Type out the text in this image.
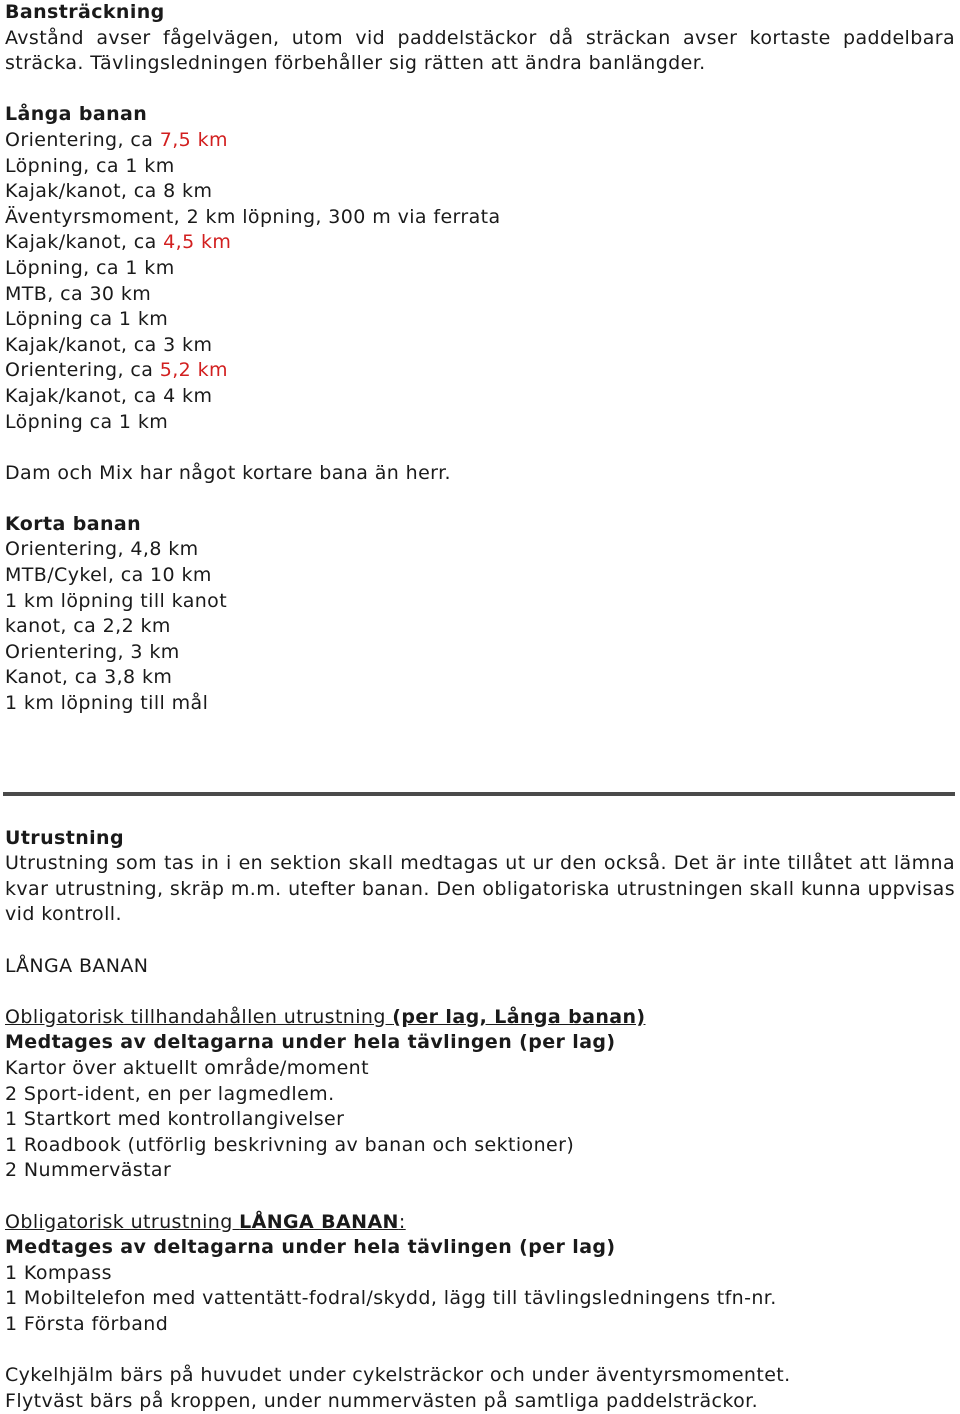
Bansträckning
Avstånd avser fågelvägen, utom vid paddelstäckor då sträckan avser kortaste paddelbara sträcka. Tävlingsledningen förbehåller sig rätten att ändra banlängder.
Långa banan
Orientering, ca 7,5 km
Löpning, ca 1 km
Kajak/kanot, ca 8 km
Äventyrsmoment, 2 km löpning, 300 m via ferrata
Kajak/kanot, ca 4,5 km
Löpning, ca 1 km
MTB, ca 30 km
Löpning ca 1 km
Kajak/kanot, ca 3 km
Orientering, ca 5,2 km
Kajak/kanot, ca 4 km
Löpning ca 1 km
Dam och Mix har något kortare bana än herr.
Korta banan
Orientering, 4,8 km
MTB/Cykel, ca 10 km
1 km löpning till kanot
kanot, ca 2,2 km
Orientering, 3 km
Kanot, ca 3,8 km
1 km löpning till mål
Utrustning
Utrustning som tas in i en sektion skall medtagas ut ur den också. Det är inte tillåtet att lämna kvar utrustning, skräp m.m. utefter banan. Den obligatoriska utrustningen skall kunna uppvisas vid kontroll.
LÅNGA BANAN
Obligatorisk tillhandahållen utrustning (per lag, Långa banan)
Medtages av deltagarna under hela tävlingen (per lag)
Kartor över aktuellt område/moment
2 Sport-ident, en per lagmedlem.
1 Startkort med kontrollangivelser
1 Roadbook (utförlig beskrivning av banan och sektioner)
2 Nummervästar
Obligatorisk utrustning LÅNGA BANAN:
Medtages av deltagarna under hela tävlingen (per lag)
1 Kompass
1 Mobiltelefon med vattentätt-fodral/skydd, lägg till tävlingsledningens tfn-nr.
1 Första förband
Cykelhjälm bärs på huvudet under cykelsträckor och under äventyrsmomentet.
Flytväst bärs på kroppen, under nummervästen på samtliga paddelsträckor.
